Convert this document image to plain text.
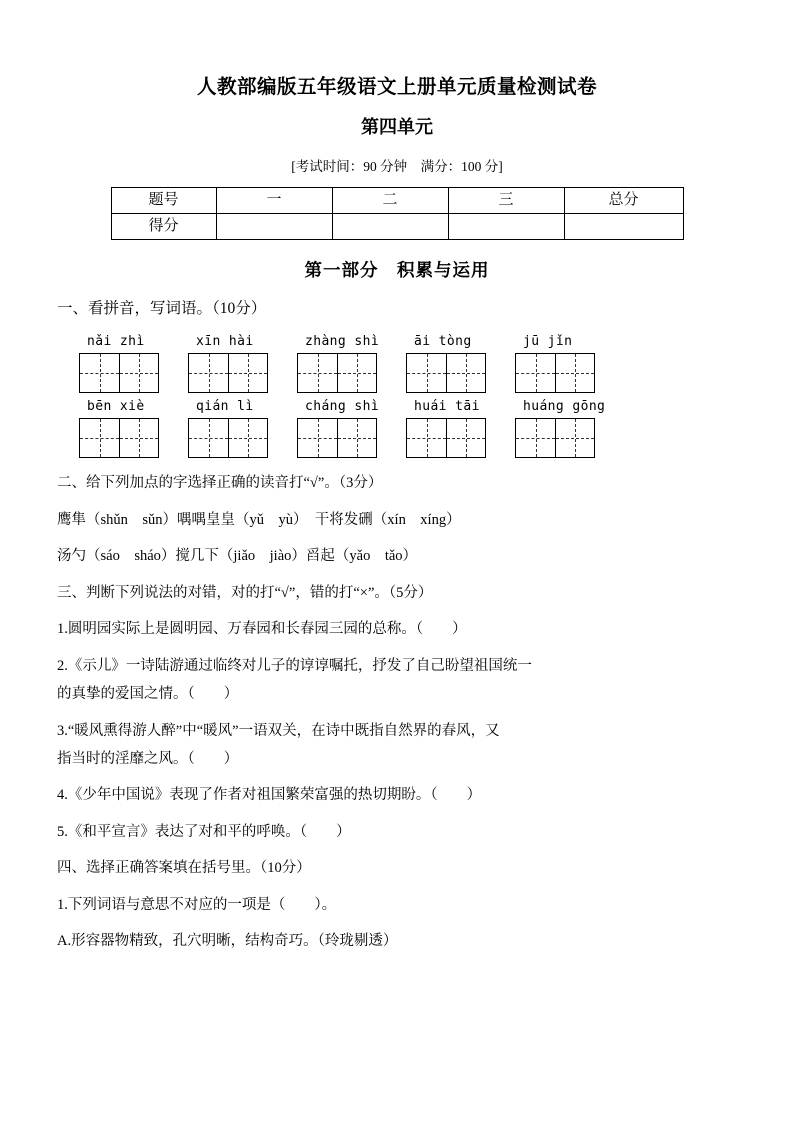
人教部编版五年级语文上册单元质量检测试卷
第四单元

[考试时间：90 分钟　满分：100 分]

题号	一	二	三	总分
得分				
第一部分　积累与运用

一、看拼音，写词语。（10分）

nǎi zhì	xīn hài	zhàng shì	āi tòng	jū jǐn
bēn xiè	qián lì	cháng shì	huái tāi	huáng gōng

二、给下列加点的字选择正确的读音打“√”。（3分）

鹰隼（shǔn　sǔn）喁喁皇皇（yǔ　yù）　干将发硎（xín　xíng）

汤勺（sáo　sháo）搅几下（jiǎo　jiào）舀起（yǎo　tǎo）

三、判断下列说法的对错，对的打“√”，错的打“×”。（5分）

1.圆明园实际上是圆明园、万春园和长春园三园的总称。（　　）

2.《示儿》一诗陆游通过临终对儿子的谆谆嘱托，抒发了自己盼望祖国统一

的真挚的爱国之情。（　　）

3.“暖风熏得游人醉”中“暖风”一语双关，在诗中既指自然界的春风，又

指当时的淫靡之风。（　　）

4.《少年中国说》表现了作者对祖国繁荣富强的热切期盼。（　　）

5.《和平宣言》表达了对和平的呼唤。（　　）

四、选择正确答案填在括号里。（10分）

1.下列词语与意思不对应的一项是（　　）。

A.形容器物精致，孔穴明晰，结构奇巧。（玲珑剔透）
